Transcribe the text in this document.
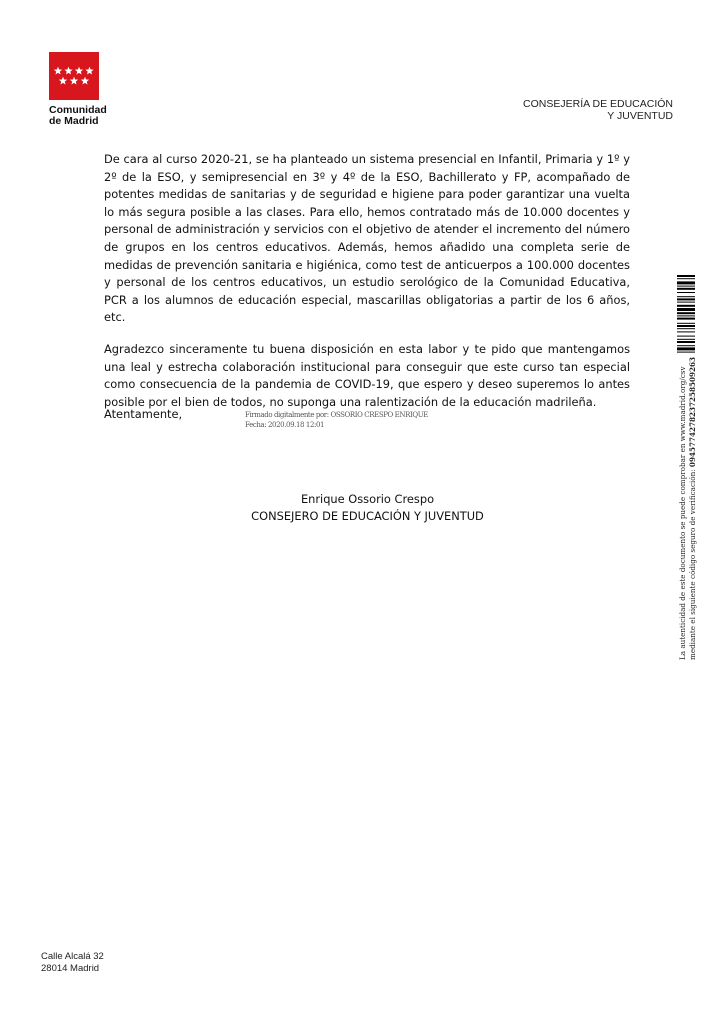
Comunidad
de Madrid
CONSEJERÍA DE EDUCACIÓN
Y JUVENTUD

De cara al curso 2020-21, se ha planteado un sistema presencial en Infantil, Primaria y 1º y 2º de la ESO, y semipresencial en 3º y 4º de la ESO, Bachillerato y FP, acompañado de potentes medidas de sanitarias y de seguridad e higiene para poder garantizar una vuelta lo más segura posible a las clases. Para ello, hemos contratado más de 10.000 docentes y personal de administración y servicios con el objetivo de atender el incremento del número de grupos en los centros educativos. Además, hemos añadido una completa serie de medidas de prevención sanitaria e higiénica, como test de anticuerpos a 100.000 docentes y personal de los centros educativos, un estudio serológico de la Comunidad Educativa, PCR a los alumnos de educación especial, mascarillas obligatorias a partir de los 6 años, etc.

Agradezco sinceramente tu buena disposición en esta labor y te pido que mantengamos una leal y estrecha colaboración institucional para conseguir que este curso tan especial como consecuencia de la pandemia de COVID-19, que espero y deseo superemos lo antes posible por el bien de todos, no suponga una ralentización de la educación madrileña.

Atentamente,	Firmado digitalmente por: OSSORIO CRESPO ENRIQUE
Fecha: 2020.09.18 12:01
Enrique Ossorio Crespo
CONSEJERO DE EDUCACIÓN Y JUVENTUD	La autenticidad de este documento se puede comprobar en www.madrid.org/csv mediante el siguiente código seguro de verificación: 0945774278237258509263
Calle Alcalá 32
28014 Madrid
